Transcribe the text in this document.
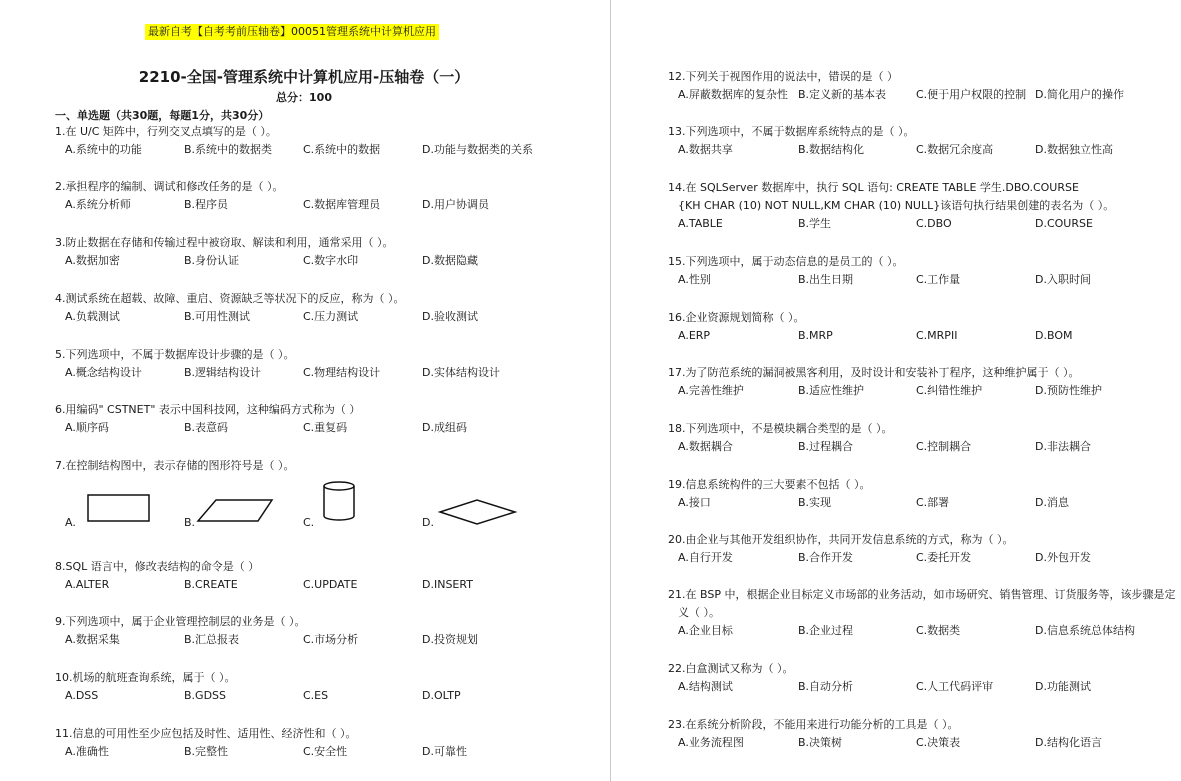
最新自考【自考考前压轴卷】00051管理系统中计算机应用
2210-全国-管理系统中计算机应用-压轴卷（一）
总分：100
一、单选题（共30题，每题1分，共30分）
1.在 U/C 矩阵中，行列交叉点填写的是（ ）。
A.系统中的功能	B.系统中的数据类	C.系统中的数据	D.功能与数据类的关系
2.承担程序的编制、调试和修改任务的是（ ）。
A.系统分析师	B.程序员	C.数据库管理员	D.用户协调员
3.防止数据在存储和传输过程中被窃取、解读和利用，通常采用（ ）。
A.数据加密	B.身份认证	C.数字水印	D.数据隐藏
4.测试系统在超载、故障、重启、资源缺乏等状况下的反应，称为（ ）。
A.负载测试	B.可用性测试	C.压力测试	D.验收测试
5.下列选项中，不属于数据库设计步骤的是（ ）。
A.概念结构设计	B.逻辑结构设计	C.物理结构设计	D.实体结构设计
6.用编码" CSTNET" 表示中国科技网，这种编码方式称为（ ）
A.顺序码	B.表意码	C.重复码	D.成组码
7.在控制结构图中，表示存储的图形符号是（ ）。
A.	B.	C.	D.
8.SQL 语言中，修改表结构的命令是（ ）
A.ALTER	B.CREATE	C.UPDATE	D.INSERT
9.下列选项中，属于企业管理控制层的业务是（ ）。
A.数据采集	B.汇总报表	C.市场分析	D.投资规划
10.机场的航班查询系统，属于（ ）。
A.DSS	B.GDSS	C.ES	D.OLTP
11.信息的可用性至少应包括及时性、适用性、经济性和（ ）。
A.准确性	B.完整性	C.安全性	D.可靠性
12.下列关于视图作用的说法中，错误的是（ ）
A.屏蔽数据库的复杂性 B.定义新的基本表	C.便于用户权限的控制 D.简化用户的操作
13.下列选项中，不属于数据库系统特点的是（ ）。
A.数据共享	B.数据结构化	C.数据冗余度高	D.数据独立性高
14.在 SQLServer 数据库中，执行 SQL 语句: CREATE TABLE 学生.DBO.COURSE
{KH CHAR (10) NOT NULL,KM CHAR (10) NULL}该语句执行结果创建的表名为（ ）。
A.TABLE	B.学生	C.DBO	D.COURSE
15.下列选项中，属于动态信息的是员工的（ ）。
A.性别	B.出生日期	C.工作量	D.入职时间
16.企业资源规划简称（ ）。
A.ERP	B.MRP	C.MRPII	D.BOM
17.为了防范系统的漏洞被黑客利用，及时设计和安装补丁程序，这种维护属于（ ）。
A.完善性维护	B.适应性维护	C.纠错性维护	D.预防性维护
18.下列选项中，不是模块耦合类型的是（ ）。
A.数据耦合	B.过程耦合	C.控制耦合	D.非法耦合
19.信息系统构件的三大要素不包括（ ）。
A.接口	B.实现	C.部署	D.消息
20.由企业与其他开发组织协作，共同开发信息系统的方式，称为（ ）。
A.自行开发	B.合作开发	C.委托开发	D.外包开发
21.在 BSP 中，根据企业目标定义市场部的业务活动，如市场研究、销售管理、订货服务等，该步骤是定
义（ ）。
A.企业目标	B.企业过程	C.数据类	D.信息系统总体结构
22.白盒测试又称为（ ）。
A.结构测试	B.自动分析	C.人工代码评审	D.功能测试
23.在系统分析阶段，不能用来进行功能分析的工具是（ ）。
A.业务流程图	B.决策树	C.决策表	D.结构化语言
